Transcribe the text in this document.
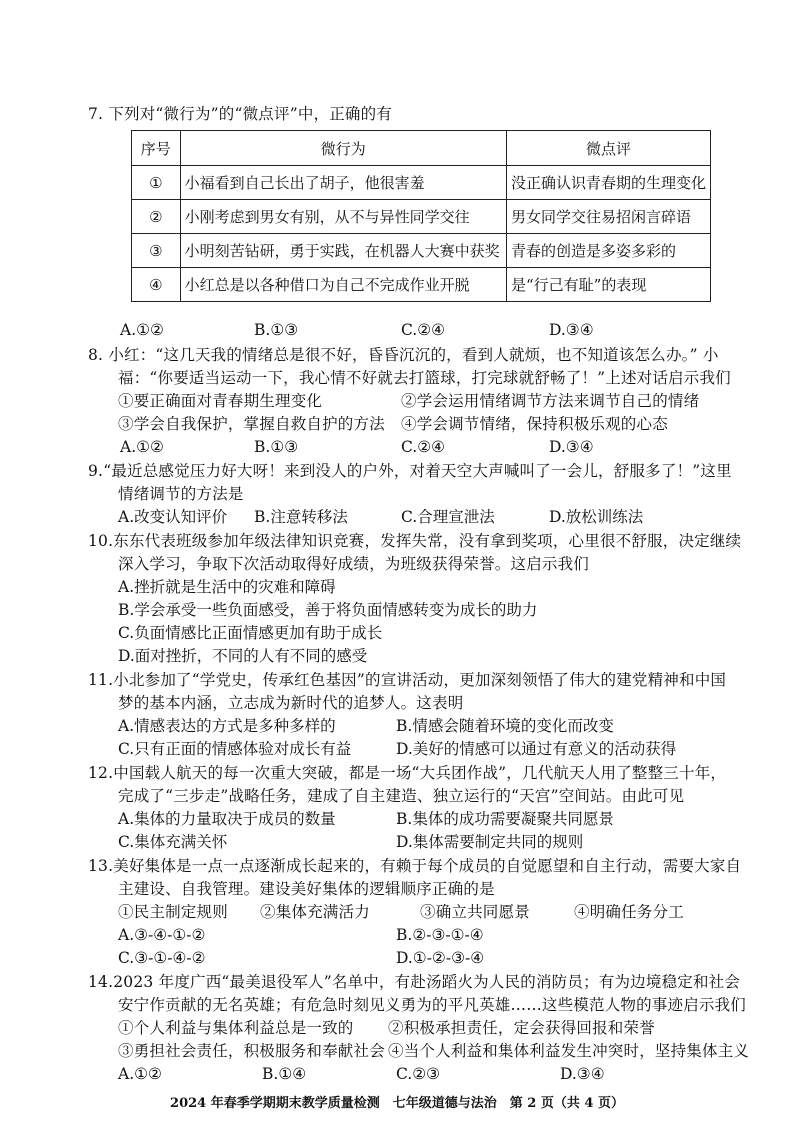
7. 下列对“微行为”的“微点评”中，正确的有
序号	微行为	微点评
①	小福看到自己长出了胡子，他很害羞	没正确认识青春期的生理变化
②	小刚考虑到男女有别，从不与异性同学交往	男女同学交往易招闲言碎语
③	小明刻苦钻研，勇于实践，在机器人大赛中获奖	青春的创造是多姿多彩的
④	小红总是以各种借口为自己不完成作业开脱	是“行己有耻”的表现
A.①②	B.①③	C.②④	D.③④
8. 小红：“这几天我的情绪总是很不好，昏昏沉沉的，看到人就烦，也不知道该怎么办。” 小
福：“你要适当运动一下，我心情不好就去打篮球，打完球就舒畅了！”上述对话启示我们
①要正确面对青春期生理变化	②学会运用情绪调节方法来调节自己的情绪
③学会自我保护，掌握自救自护的方法 ④学会调节情绪，保持积极乐观的心态
A.①②	B.①③	C.②④	D.③④
9.“最近总感觉压力好大呀！来到没人的户外，对着天空大声喊叫了一会儿，舒服多了！”这里
情绪调节的方法是
A.改变认知评价 B.注意转移法	C.合理宣泄法	D.放松训练法
10.东东代表班级参加年级法律知识竞赛，发挥失常，没有拿到奖项，心里很不舒服，决定继续
深入学习，争取下次活动取得好成绩，为班级获得荣誉。这启示我们
A.挫折就是生活中的灾难和障碍
B.学会承受一些负面感受，善于将负面情感转变为成长的助力
C.负面情感比正面情感更加有助于成长
D.面对挫折，不同的人有不同的感受
11.小北参加了“学党史，传承红色基因”的宣讲活动，更加深刻领悟了伟大的建党精神和中国
梦的基本内涵，立志成为新时代的追梦人。这表明
A.情感表达的方式是多种多样的	B.情感会随着环境的变化而改变
C.只有正面的情感体验对成长有益	D.美好的情感可以通过有意义的活动获得
12.中国载人航天的每一次重大突破，都是一场“大兵团作战”，几代航天人用了整整三十年，
完成了“三步走”战略任务，建成了自主建造、独立运行的“天宫”空间站。由此可见
A.集体的力量取决于成员的数量	B.集体的成功需要凝聚共同愿景
C.集体充满关怀	D.集体需要制定共同的规则
13.美好集体是一点一点逐渐成长起来的，有赖于每个成员的自觉愿望和自主行动，需要大家自
主建设、自我管理。建设美好集体的逻辑顺序正确的是
①民主制定规则 ②集体充满活力	③确立共同愿景	④明确任务分工
A.③-④-①-②	B.②-③-①-④
C.③-①-④-②	D.①-②-③-④
14.2023 年度广西“最美退役军人”名单中，有赴汤蹈火为人民的消防员；有为边境稳定和社会
安宁作贡献的无名英雄；有危急时刻见义勇为的平凡英雄……这些模范人物的事迹启示我们
①个人利益与集体利益总是一致的 ②积极承担责任，定会获得回报和荣誉
③勇担社会责任，积极服务和奉献社会 ④当个人利益和集体利益发生冲突时，坚持集体主义
A.①②	B.①④	C.②③	D.③④
2024 年春季学期期末教学质量检测　七年级道德与法治　第 2 页（共 4 页）
